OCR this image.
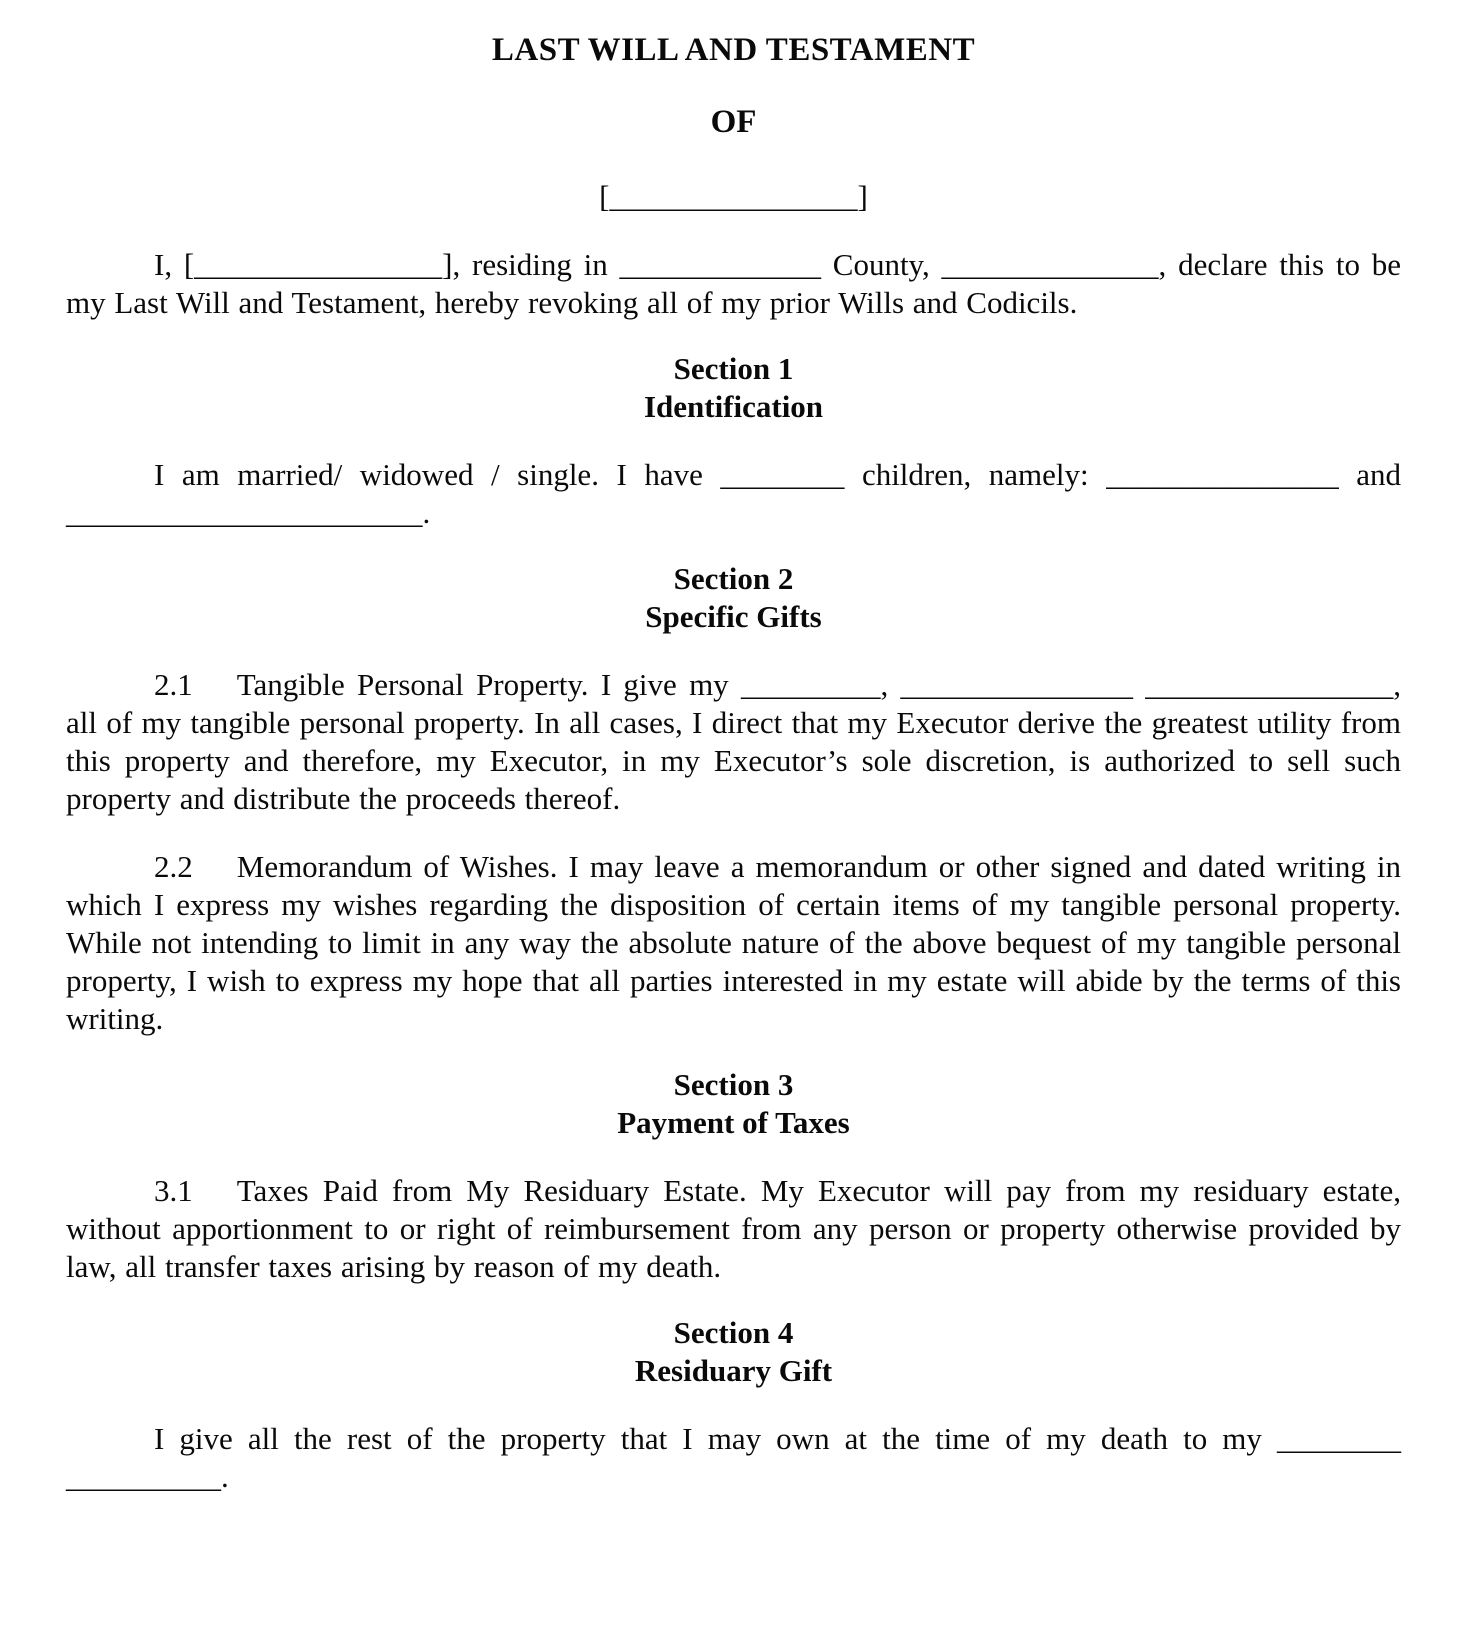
LAST WILL AND TESTAMENT
OF
[________________]

I, [________________], residing in _____________ County, ______________, declare this to be my Last Will and Testament, hereby revoking all of my prior Wills and Codicils.

Section 1
Identification

I am married/ widowed / single. I have ________ children, namely: _______________ and _______________________.

Section 2
Specific Gifts

2.1 Tangible Personal Property. I give my _________, _______________ ________________, all of my tangible personal property. In all cases, I direct that my Executor derive the greatest utility from this property and therefore, my Executor, in my Executor’s sole discretion, is authorized to sell such property and distribute the proceeds thereof.

2.2 Memorandum of Wishes. I may leave a memorandum or other signed and dated writing in which I express my wishes regarding the disposition of certain items of my tangible personal property. While not intending to limit in any way the absolute nature of the above bequest of my tangible personal property, I wish to express my hope that all parties interested in my estate will abide by the terms of this writing.

Section 3
Payment of Taxes

3.1 Taxes Paid from My Residuary Estate. My Executor will pay from my residuary estate, without apportionment to or right of reimbursement from any person or property otherwise provided by law, all transfer taxes arising by reason of my death.

Section 4
Residuary Gift

I give all the rest of the property that I may own at the time of my death to my ________ __________.
